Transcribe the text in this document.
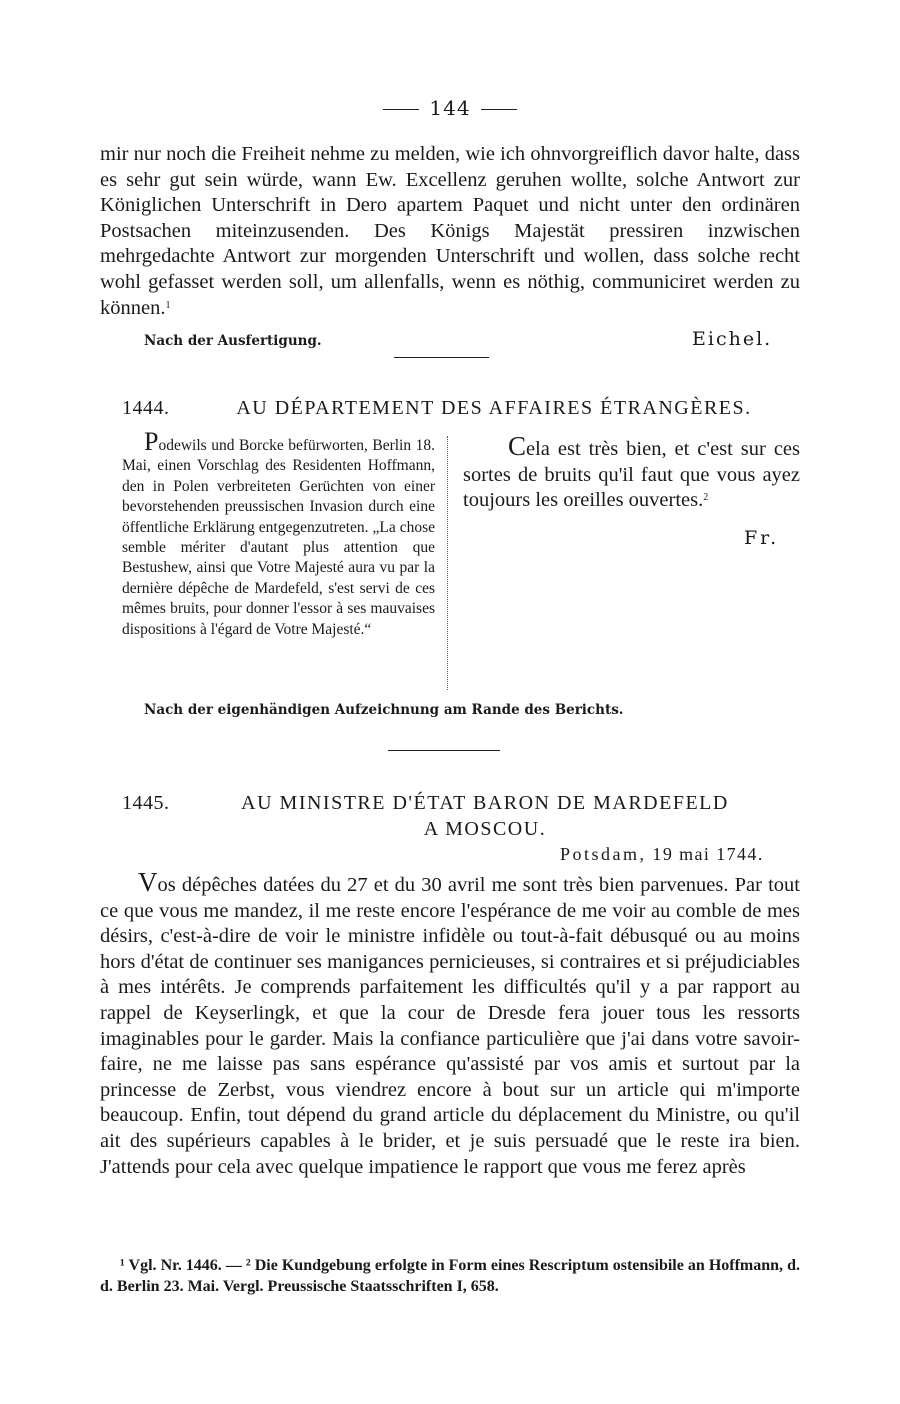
144

mir nur noch die Freiheit nehme zu melden, wie ich ohnvorgreiflich davor halte, dass es sehr gut sein würde, wann Ew. Excellenz geruhen wollte, solche Antwort zur Königlichen Unterschrift in Dero apartem Paquet und nicht unter den ordinären Postsachen miteinzusenden. Des Königs Majestät pressiren inzwischen mehrgedachte Antwort zur morgenden Unterschrift und wollen, dass solche recht wohl gefasset werden soll, um allenfalls, wenn es nöthig, communiciret werden zu können.$^1$

Nach der Ausfertigung.	Eichel.
1444.	AU DÉPARTEMENT DES AFFAIRES ÉTRANGÈRES.

Podewils und Borcke befürworten, Berlin 18. Mai, einen Vorschlag des Residenten Hoffmann, den in Polen verbreiteten Gerüchten von einer bevorstehenden preussischen Invasion durch eine öffentliche Erklärung entgegenzutreten. „La chose semble mériter d'autant plus attention que Bestushew, ainsi que Votre Majesté aura vu par la dernière dépêche de Mardefeld, s'est servi de ces mêmes bruits, pour donner l'essor à ses mauvaises dispositions à l'égard de Votre Majesté.“

Cela est très bien, et c'est sur ces sortes de bruits qu'il faut que vous ayez toujours les oreilles ouvertes.$^2$

Fr.
Nach der eigenhändigen Aufzeichnung am Rande des Berichts.
1445.	AU MINISTRE D'ÉTAT BARON DE MARDEFELD
A MOSCOU.
Potsdam, 19 mai 1744.

Vos dépêches datées du 27 et du 30 avril me sont très bien parvenues. Par tout ce que vous me mandez, il me reste encore l'espérance de me voir au comble de mes désirs, c'est-à-dire de voir le ministre infidèle ou tout-à-fait débusqué ou au moins hors d'état de continuer ses manigances pernicieuses, si contraires et si préjudiciables à mes intérêts. Je comprends parfaitement les difficultés qu'il y a par rapport au rappel de Keyserlingk, et que la cour de Dresde fera jouer tous les ressorts imaginables pour le garder. Mais la confiance particulière que j'ai dans votre savoir-faire, ne me laisse pas sans espérance qu'assisté par vos amis et surtout par la princesse de Zerbst, vous viendrez encore à bout sur un article qui m'importe beaucoup. Enfin, tout dépend du grand article du déplacement du Ministre, ou qu'il ait des supérieurs capables à le brider, et je suis persuadé que le reste ira bien. J'attends pour cela avec quelque impatience le rapport que vous me ferez après

¹ Vgl. Nr. 1446. — ² Die Kundgebung erfolgte in Form eines Rescriptum ostensibile an Hoffmann, d. d. Berlin 23. Mai. Vergl. Preussische Staatsschriften I, 658.
